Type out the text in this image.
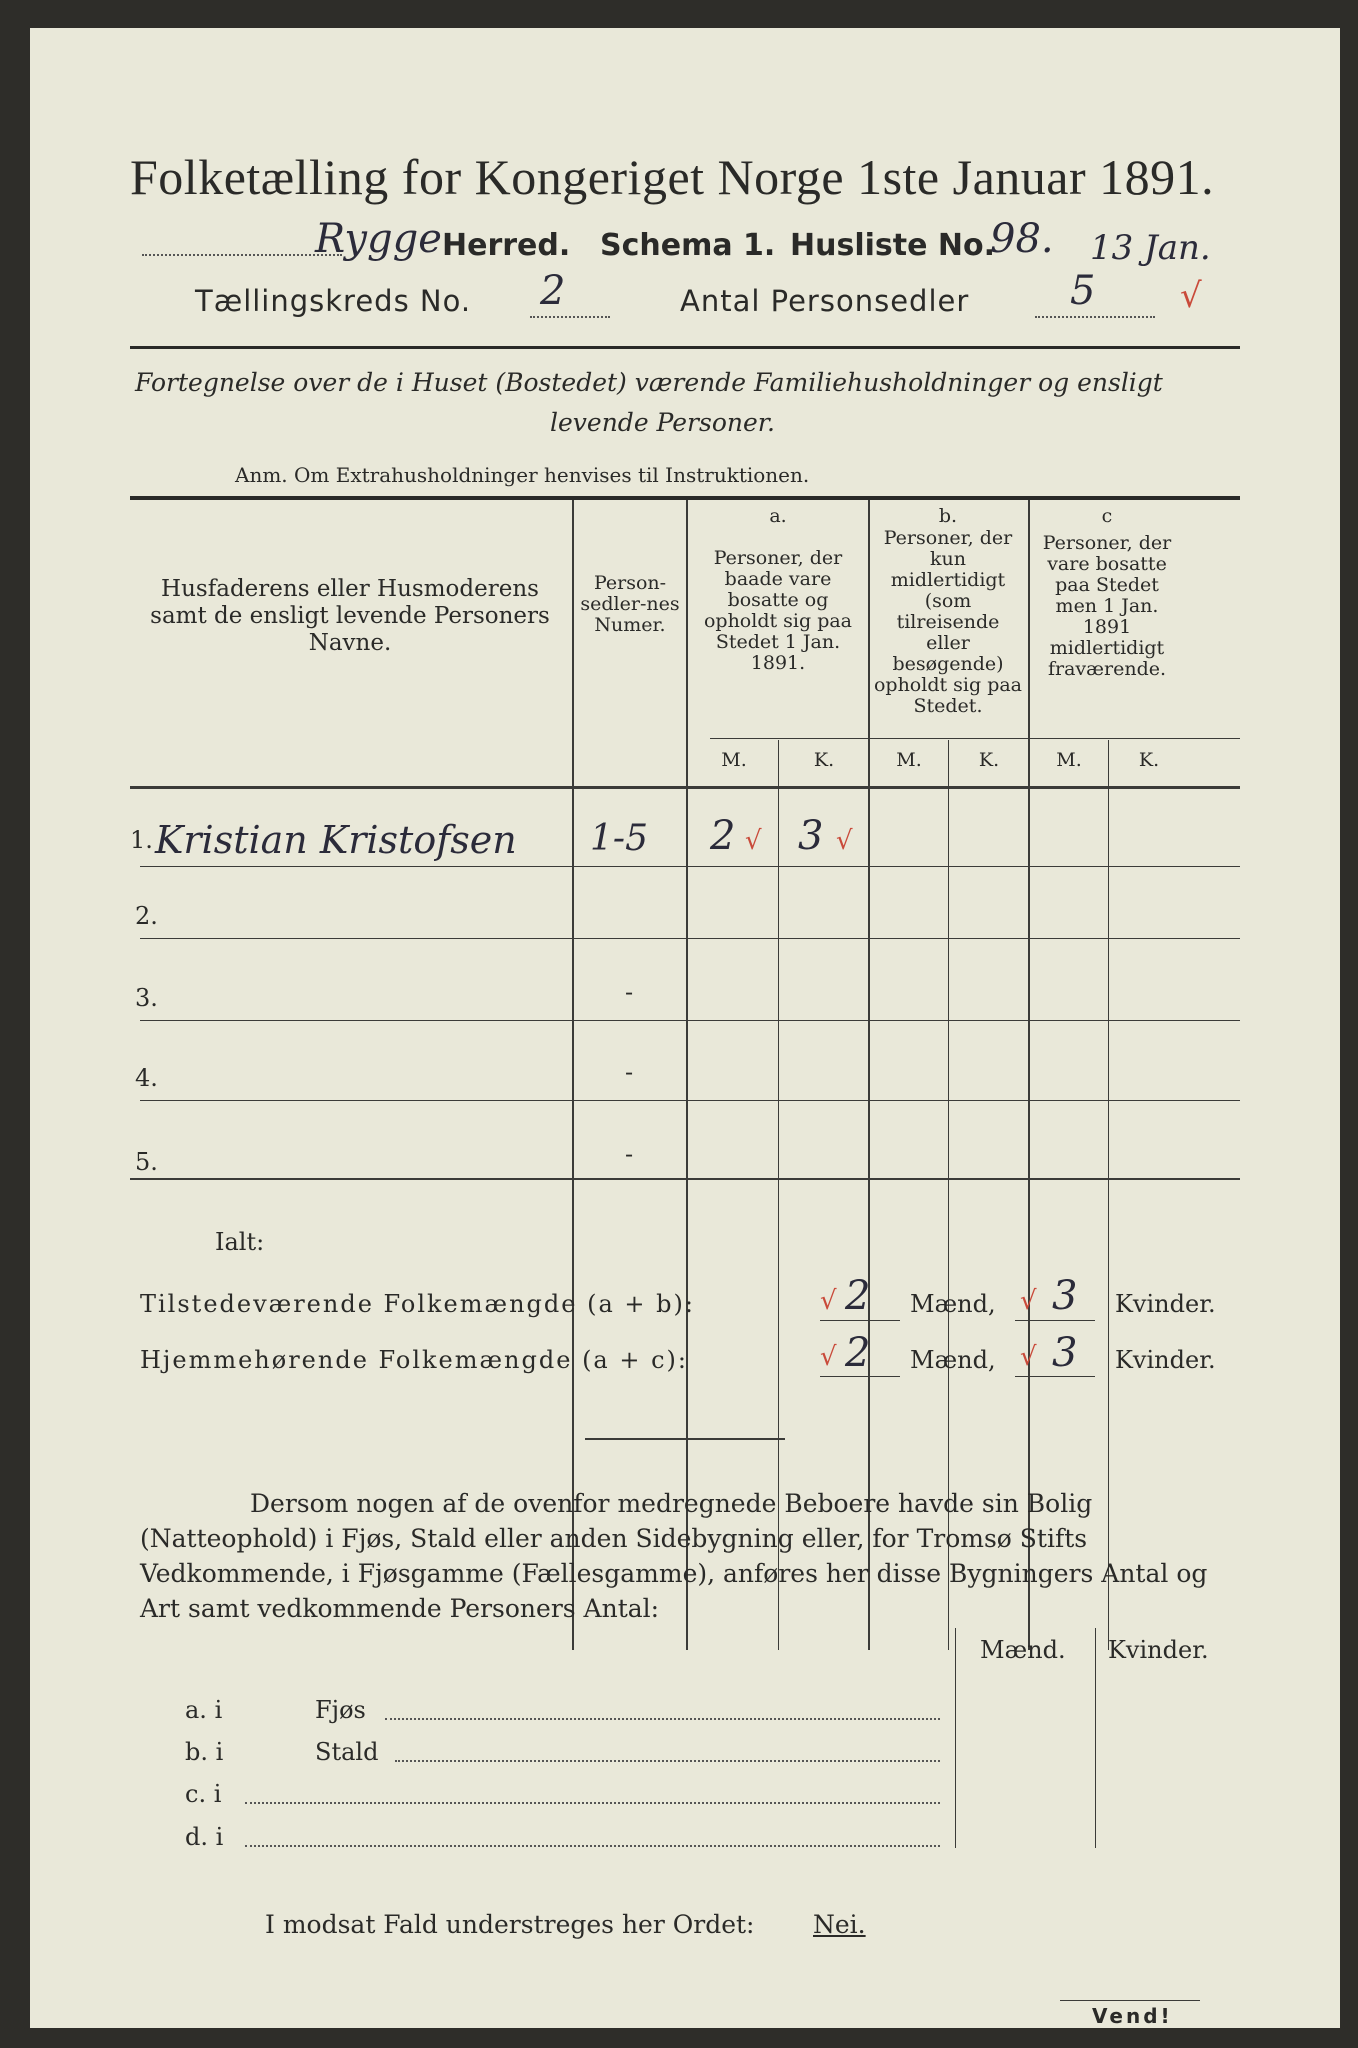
Folketælling for Kongeriget Norge 1ste Januar 1891.
Rygge Herred. Schema 1. Husliste No.
98. 13 Jan.
Tællingskreds No. 2	Antal Personsedler	5 √
Fortegnelse over de i Huset (Bostedet) værende Familiehusholdninger og ensligt
levende Personer.
Anm. Om Extrahusholdninger henvises til Instruktionen.
Husfaderens eller Husmoderens samt de ensligt levende Personers Navne.
Person-sedler-nes Numer.
a.
Personer, der baade vare bosatte og opholdt sig paa Stedet 1 Jan. 1891.
b.
Personer, der kun midlertidigt (som tilreisende eller besøgende) opholdt sig paa Stedet.
c
Personer, der vare bosatte paa Stedet men 1 Jan. 1891 midlertidigt fraværende.
M.	K.	M.	K.	M.	K.
1. Kristian Kristofsen 1-5 2 √ 3 √
2.
3.	-
4.	-
5.	-
Ialt:
Tilstedeværende Folkemængde (a + b):	√ 2 Mænd, √ 3 Kvinder.
Hjemmehørende Folkemængde (a + c):	√ 2 Mænd, √ 3 Kvinder.
Dersom nogen af de ovenfor medregnede Beboere havde sin Bolig (Natteophold) i Fjøs, Stald eller anden Sidebygning eller, for Tromsø Stifts Vedkommende, i Fjøsgamme (Fællesgamme), anføres her disse Bygningers Antal og Art samt vedkommende Personers Antal:
Mænd. Kvinder.
a. i	Fjøs
b. i	Stald
c. i
d. i
I modsat Fald understreges her Ordet: Nei.
Vend!
